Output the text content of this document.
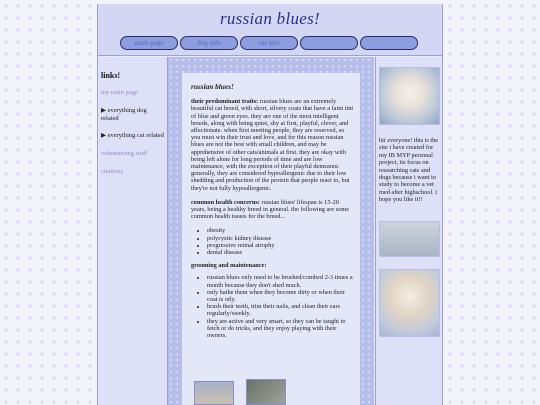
russian blues!
main page	dog info	cat info
links!
my main page
▶ everything dog related
▶ everything cat related
volunteering stuff
citations
russian blues!
their predominant traits: russian blues are an extremely beautiful cat breed, with short, silvery coats that have a faint tint of blue and green eyes. they are one of the most intelligent breeds, along with being quiet, shy at first, playful, clever, and affectionate. when first meeting people, they are reserved, so you must win their trust and love, and for this reason russian blues are not the best with small children, and may be apprehensive of other cats/animals at first. they are okay with being left alone for long periods of time and are low maintenance, with the exception of their playful demeanor. generally, they are considered hypoallergenic due to their low shedding and production of the protein that people react to, but they're not fully hypoallergenic.
common health concerns: russian blues' lifespan is 15-20 years, being a healthy breed in general. the following are some common health issues for the breed...
• obesity
• polycystic kidney disease
• progressive retinal atrophy
• dental disease
grooming and maintenance:
• russian blues only need to be brushed/combed 2-3 times a month because they don't shed much.
• only bathe them when they become dirty or when their coat is oily.
• brush their teeth, trim their nails, and clean their ears regularly/weekly.
• they are active and very smart, so they can be taught to fetch or do tricks, and they enjoy playing with their owners.
hii everyone! this is the site i have created for my IB MYP personal project, its focus on researching cats and dogs because i want to study to become a vet med after highschool. i hope you like it!!
